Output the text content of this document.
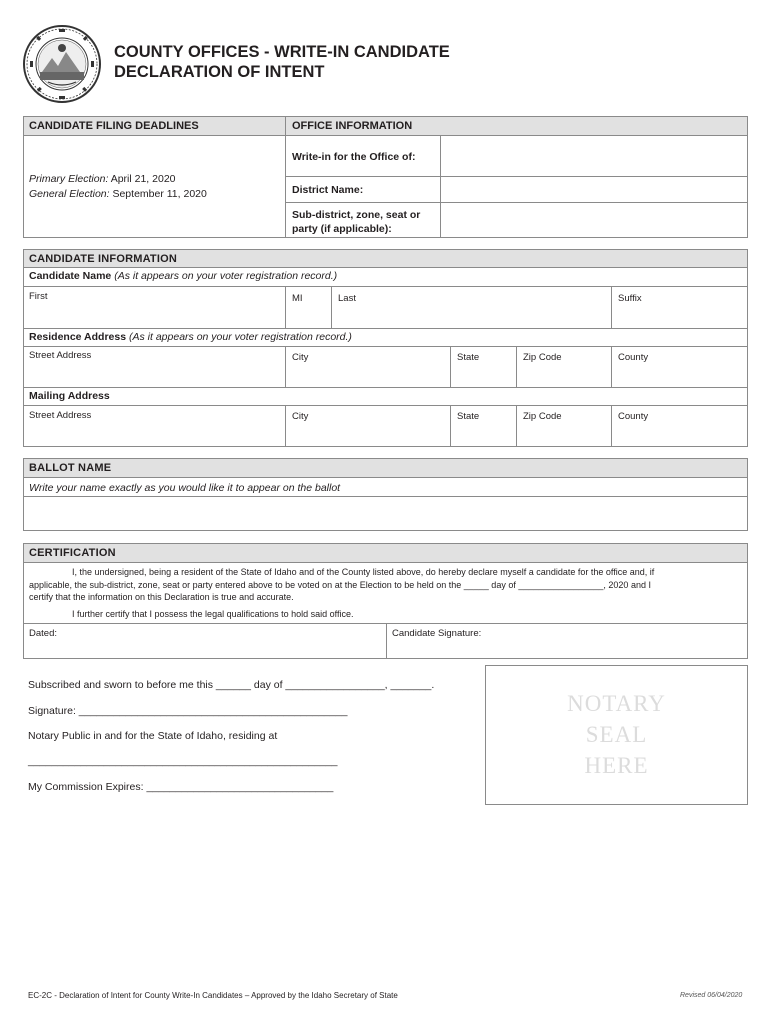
COUNTY OFFICES - WRITE-IN CANDIDATE
DECLARATION OF INTENT
CANDIDATE FILING DEADLINES	OFFICE INFORMATION
Primary Election: April 21, 2020
General Election: September 11, 2020
Write-in for the Office of:
District Name:
Sub-district, zone, seat or
party (if applicable):
CANDIDATE INFORMATION
Candidate Name (As it appears on your voter registration record.)
First	MI	Last	Suffix
Residence Address (As it appears on your voter registration record.)
Street Address	City	State	Zip Code	County
Mailing Address
Street Address	City	State	Zip Code	County
BALLOT NAME
Write your name exactly as you would like it to appear on the ballot
CERTIFICATION
I, the undersigned, being a resident of the State of Idaho and of the County listed above, do hereby declare myself a candidate for the office and, if
applicable, the sub-district, zone, seat or party entered above to be voted on at the Election to be held on the _____ day of _________________, 2020 and I
certify that the information on this Declaration is true and accurate.
I further certify that I possess the legal qualifications to hold said office.
Dated:	Candidate Signature:
Subscribed and sworn to before me this ______ day of _________________, _______.
Signature: ______________________________________________
Notary Public in and for the State of Idaho, residing at
_____________________________________________________
My Commission Expires: ________________________________
NOTARY
SEAL
HERE
EC-2C - Declaration of Intent for County Write-In Candidates – Approved by the Idaho Secretary of State	Revised 06/04/2020
